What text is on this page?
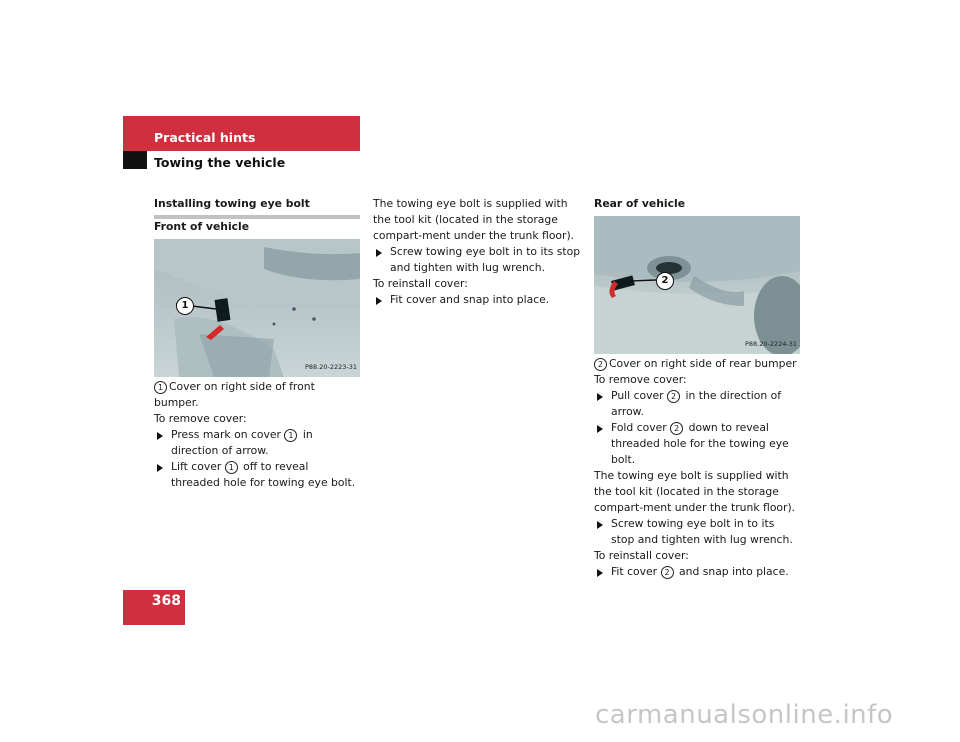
Practical hints
Towing the vehicle

Installing towing eye bolt

Front of vehicle

1
P88.20-2223-31

1 Cover on right side of front bumper.

To remove cover:

Press mark on cover 1 in direction of arrow.

Lift cover 1 off to reveal threaded hole for towing eye bolt.

The towing eye bolt is supplied with the tool kit (located in the storage compart-ment under the trunk floor).

Screw towing eye bolt in to its stop and tighten with lug wrench.

To reinstall cover:

Fit cover and snap into place.

Rear of vehicle

2
P88.20-2224-31

2 Cover on right side of rear bumper

To remove cover:

Pull cover 2 in the direction of arrow.

Fold cover 2 down to reveal threaded hole for the towing eye bolt.

The towing eye bolt is supplied with the tool kit (located in the storage compart-ment under the trunk floor).

Screw towing eye bolt in to its stop and tighten with lug wrench.

To reinstall cover:

Fit cover 2 and snap into place.

368
carmanualsonline.info
